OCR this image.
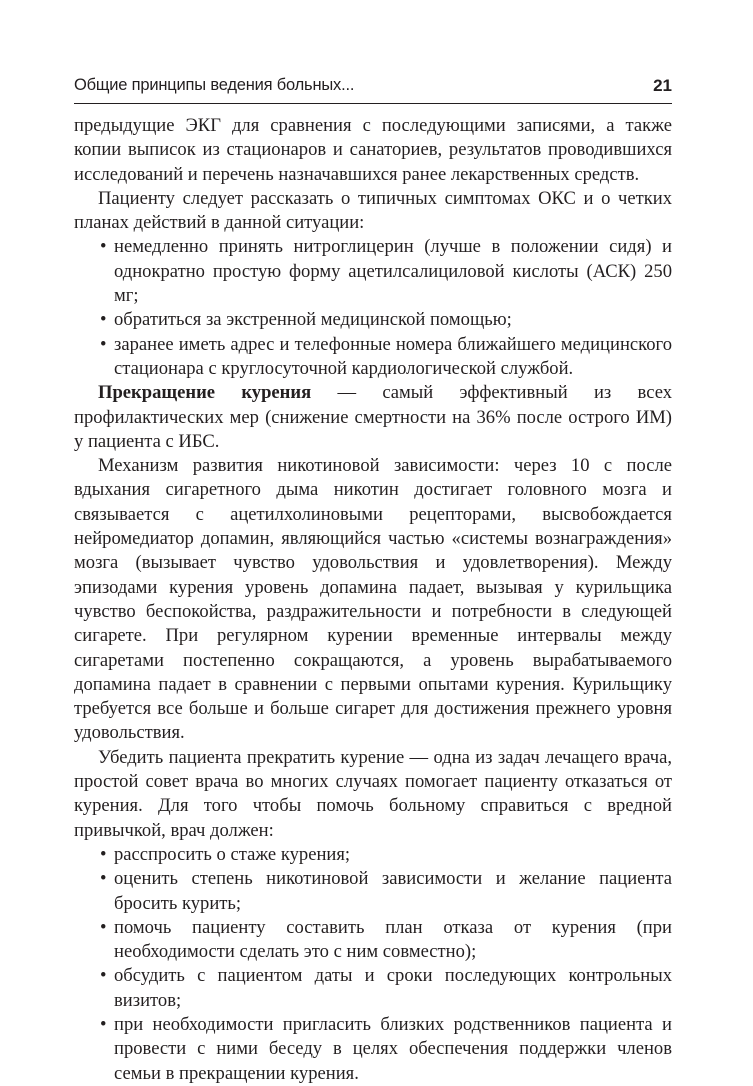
Общие принципы ведения больных...	21

предыдущие ЭКГ для сравнения с последующими записями, а также копии выписок из стационаров и санаториев, результатов проводившихся исследований и перечень назначавшихся ранее лекарственных средств.

Пациенту следует рассказать о типичных симптомах ОКС и о четких планах действий в данной ситуации:

• немедленно принять нитроглицерин (лучше в положении сидя) и однократно простую форму ацетилсалициловой кислоты (АСК) 250 мг;
• обратиться за экстренной медицинской помощью;
• заранее иметь адрес и телефонные номера ближайшего медицинского стационара с круглосуточной кардиологической службой.

Прекращение курения — самый эффективный из всех профилактических мер (снижение смертности на 36% после острого ИМ) у пациента с ИБС.

Механизм развития никотиновой зависимости: через 10 с после вдыхания сигаретного дыма никотин достигает головного мозга и связывается с ацетилхолиновыми рецепторами, высвобождается нейромедиатор допамин, являющийся частью «системы вознаграждения» мозга (вызывает чувство удовольствия и удовлетворения). Между эпизодами курения уровень допамина падает, вызывая у курильщика чувство беспокойства, раздражительности и потребности в следующей сигарете. При регулярном курении временные интервалы между сигаретами постепенно сокращаются, а уровень вырабатываемого допамина падает в сравнении с первыми опытами курения. Курильщику требуется все больше и больше сигарет для достижения прежнего уровня удовольствия.

Убедить пациента прекратить курение — одна из задач лечащего врача, простой совет врача во многих случаях помогает пациенту отказаться от курения. Для того чтобы помочь больному справиться с вредной привычкой, врач должен:

• расспросить о стаже курения;
• оценить степень никотиновой зависимости и желание пациента бросить курить;
• помочь пациенту составить план отказа от курения (при необходимости сделать это с ним совместно);
• обсудить с пациентом даты и сроки последующих контрольных визитов;
• при необходимости пригласить близких родственников пациента и провести с ними беседу в целях обеспечения поддержки членов семьи в прекращении курения.
